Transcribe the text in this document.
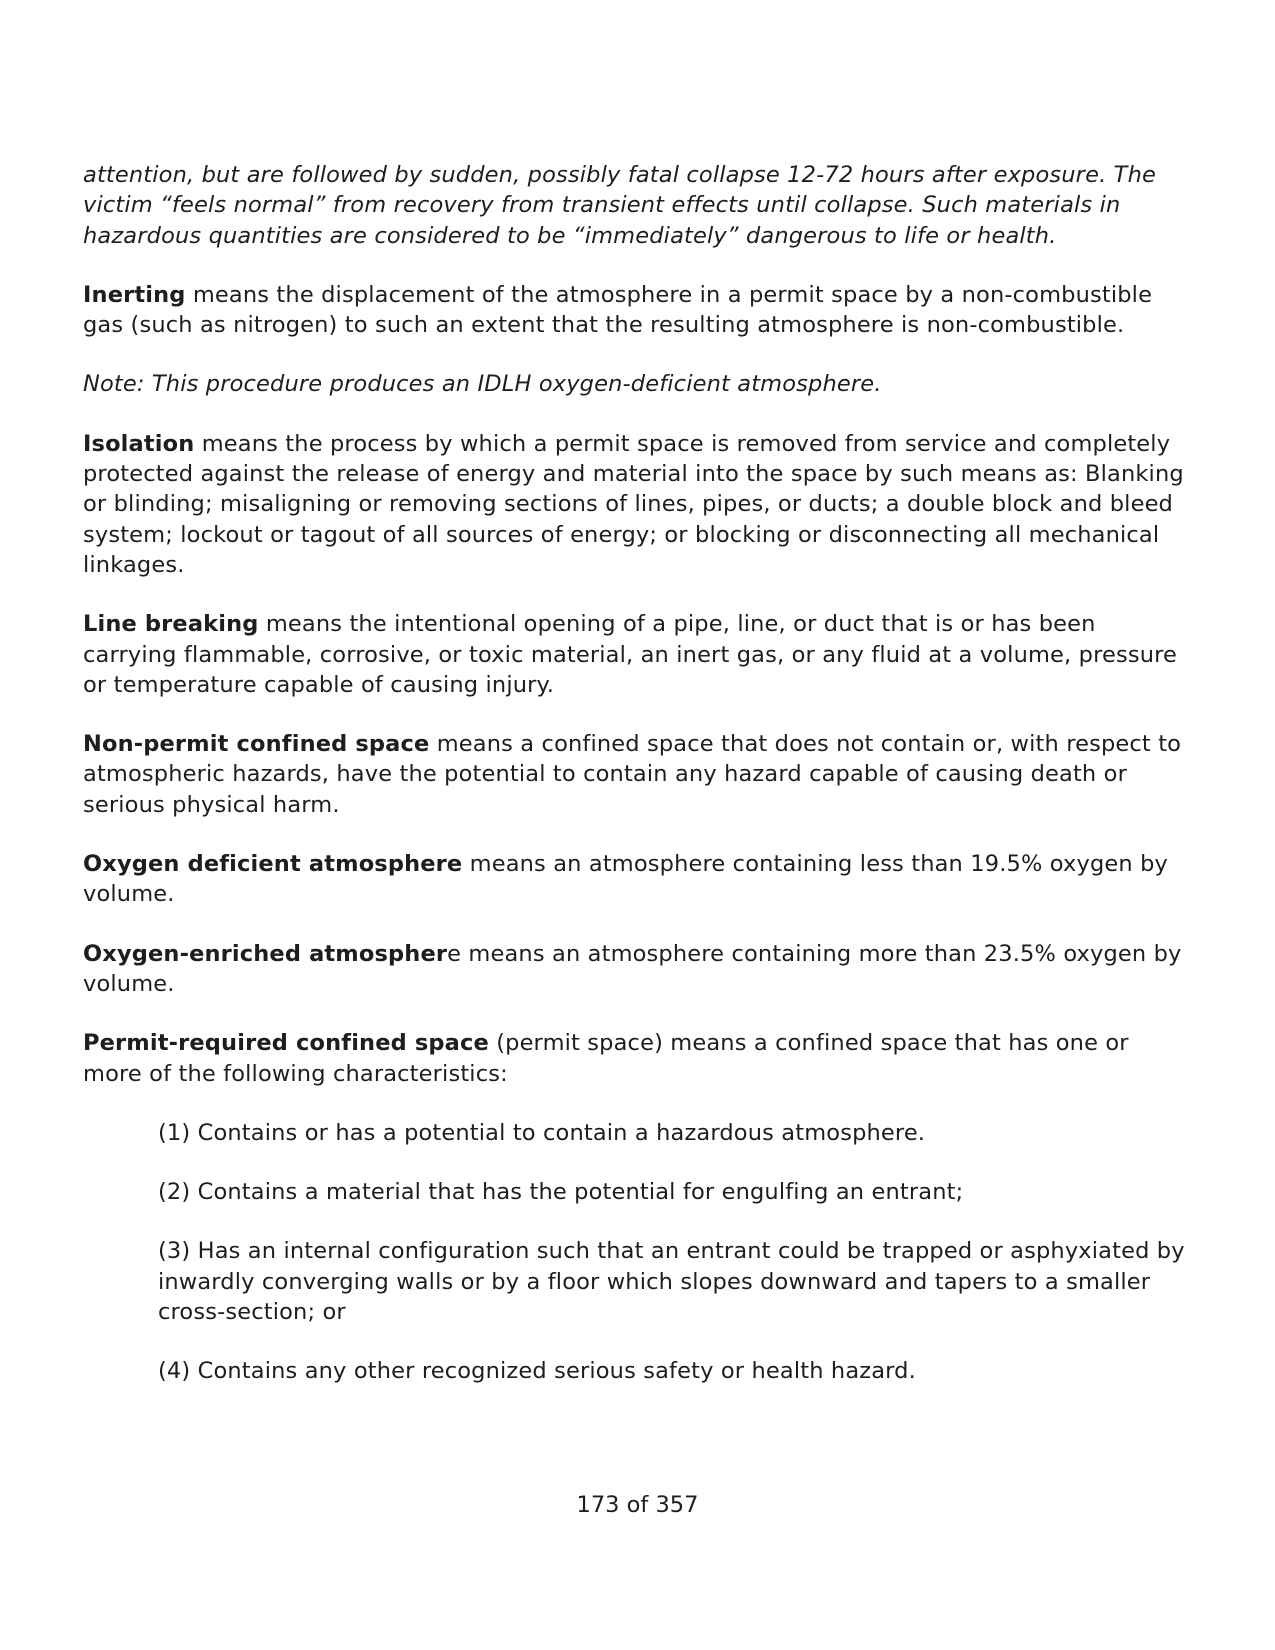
attention, but are followed by sudden, possibly fatal collapse 12-72 hours after exposure. The victim “feels normal” from recovery from transient effects until collapse. Such materials in hazardous quantities are considered to be “immediately” dangerous to life or health.

Inerting means the displacement of the atmosphere in a permit space by a non-combustible gas (such as nitrogen) to such an extent that the resulting atmosphere is non-combustible.

Note: This procedure produces an IDLH oxygen-deficient atmosphere.

Isolation means the process by which a permit space is removed from service and completely protected against the release of energy and material into the space by such means as: Blanking or blinding; misaligning or removing sections of lines, pipes, or ducts; a double block and bleed system; lockout or tagout of all sources of energy; or blocking or disconnecting all mechanical linkages.

Line breaking means the intentional opening of a pipe, line, or duct that is or has been carrying flammable, corrosive, or toxic material, an inert gas, or any fluid at a volume, pressure or temperature capable of causing injury.

Non-permit confined space means a confined space that does not contain or, with respect to atmospheric hazards, have the potential to contain any hazard capable of causing death or serious physical harm.

Oxygen deficient atmosphere means an atmosphere containing less than 19.5% oxygen by volume.

Oxygen-enriched atmosphere means an atmosphere containing more than 23.5% oxygen by volume.

Permit-required confined space (permit space) means a confined space that has one or more of the following characteristics:

(1) Contains or has a potential to contain a hazardous atmosphere.

(2) Contains a material that has the potential for engulfing an entrant;

(3) Has an internal configuration such that an entrant could be trapped or asphyxiated by inwardly converging walls or by a floor which slopes downward and tapers to a smaller cross-section; or

(4) Contains any other recognized serious safety or health hazard.

173 of 357
